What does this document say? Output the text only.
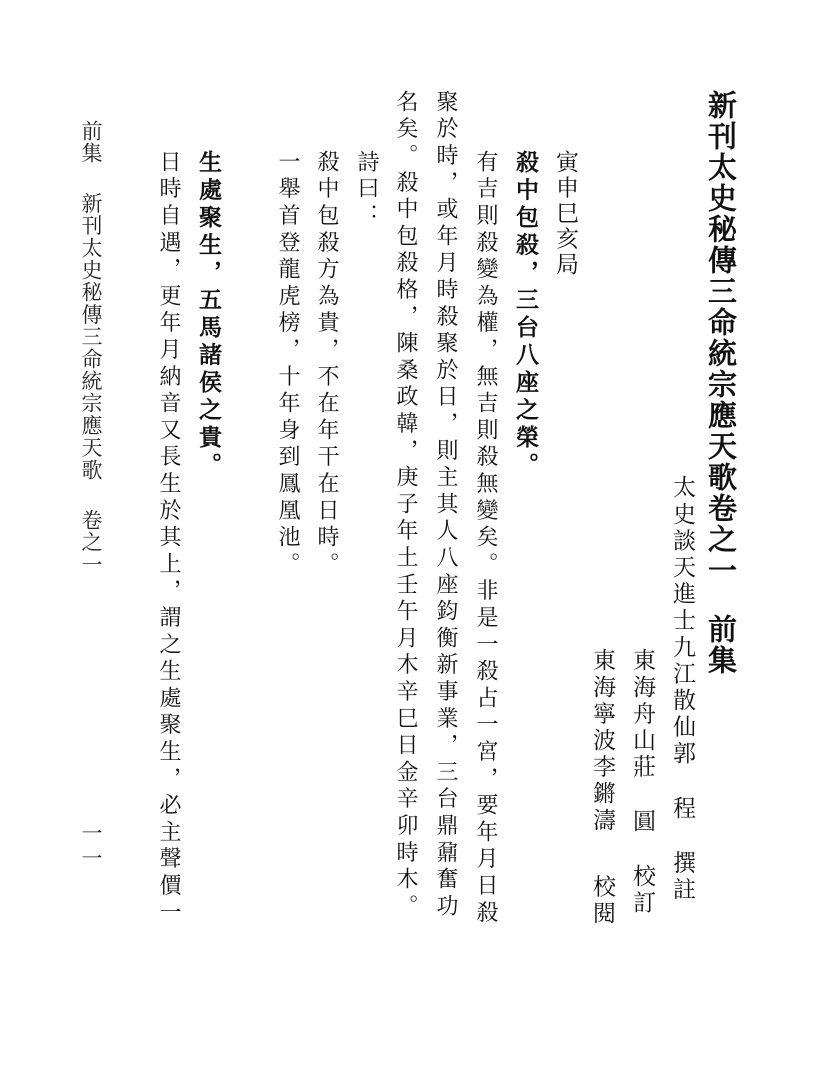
新刊太史秘傳三命統宗應天歌卷之一前集
太史談天進士九江散仙郭程撰註
東海舟山莊圓校訂
東海寧波李鏘濤校閱
寅申巳亥局
殺中包殺，三台八座之榮。
有吉則殺變為權，無吉則殺無變矣。非是一殺占一宮，要年月日殺
聚於時，或年月時殺聚於日，則主其人八座鈞衡新事業，三台鼎鼐奮功
名矣。殺中包殺格，陳桑政韓，庚子年土壬午月木辛巳日金辛卯時木。
詩曰：
殺中包殺方為貴，不在年干在日時。
一舉首登龍虎榜，十年身到鳳凰池。
生處聚生，五馬諸侯之貴。
日時自遇，更年月納音又長生於其上，謂之生處聚生，必主聲價一
前集新刊太史秘傳三命統宗應天歌卷之一
一一
